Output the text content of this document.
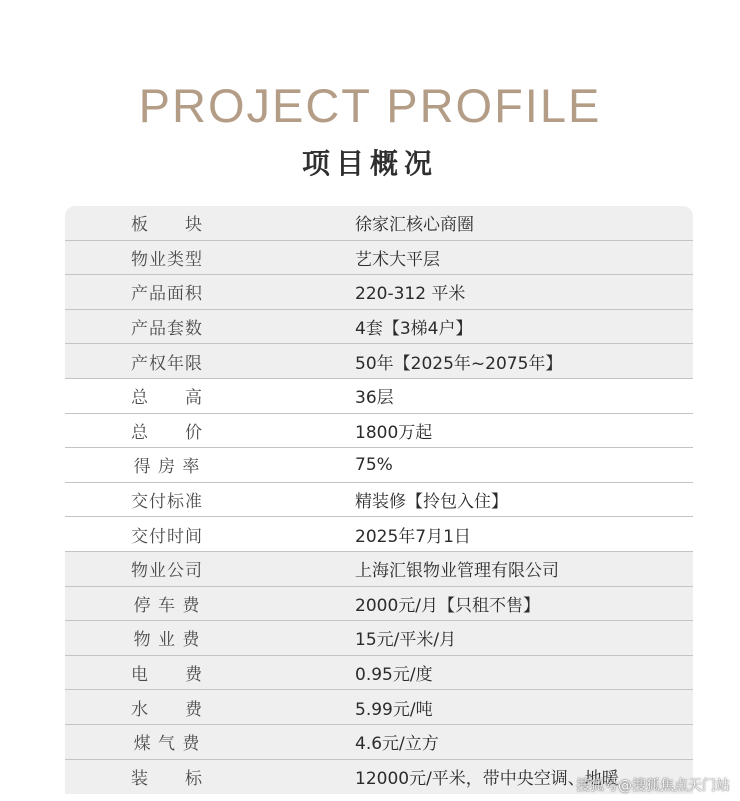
PROJECT PROFILE
项目概况
板　　块	徐家汇核心商圈
物业类型	艺术大平层
产品面积	220-312 平米
产品套数	4套【3梯4户】
产权年限	50年【2025年~2075年】
总　　高	36层
总　　价	1800万起
得 房 率	75%
交付标准	精装修【拎包入住】
交付时间	2025年7月1日
物业公司	上海汇银物业管理有限公司
停 车 费	2000元/月【只租不售】
物 业 费	15元/平米/月
电　　费	0.95元/度
水　　费	5.99元/吨
煤 气 费	4.6元/立方
装　　标	12000元/平米，带中央空调、地暖
搜狐号@搜狐焦点天门站
